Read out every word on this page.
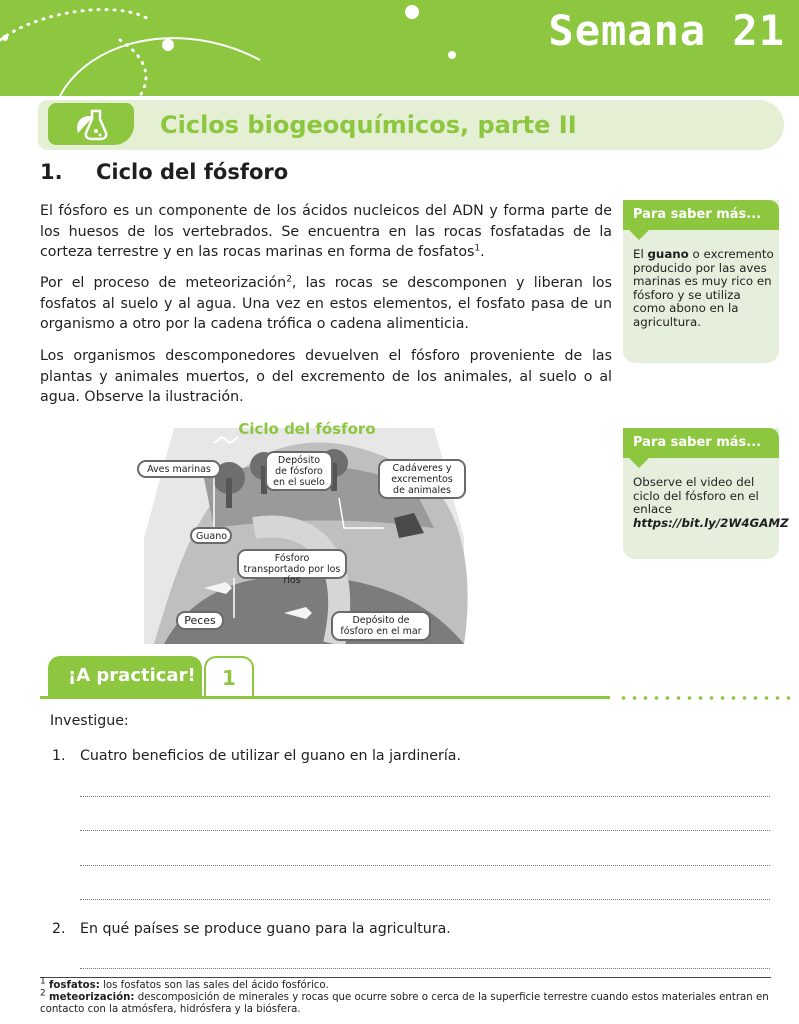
Semana 21
Ciclos biogeoquímicos, parte II
1. Ciclo del fósforo

El fósforo es un componente de los ácidos nucleicos del ADN y forma parte de los huesos de los vertebrados. Se encuentra en las rocas fosfatadas de la corteza terrestre y en las rocas marinas en forma de fosfatos$^1$.

Por el proceso de meteorización$^2$, las rocas se descomponen y liberan los fosfatos al suelo y al agua. Una vez en estos elementos, el fosfato pasa de un organismo a otro por la cadena trófica o cadena alimenticia.

Los organismos descomponedores devuelven el fósforo proveniente de las plantas y animales muertos, o del excremento de los animales, al suelo o al agua. Observe la ilustración.

Para saber más...
El guano o excremento producido por las aves marinas es muy rico en fósforo y se utiliza como abono en la agricultura.
Para saber más...
Observe el video del ciclo del fósforo en el enlace
https://bit.ly/2W4GAMZ
Ciclo del fósforo
Aves marinas
Depósito de fósforo en el suelo
Cadáveres y excrementos de animales
Guano
Fósforo transportado por los ríos
Peces	Depósito de fósforo en el mar
¡A practicar!	1
Investigue:
1. Cuatro beneficios de utilizar el guano en la jardinería.
2. En qué países se produce guano para la agricultura.
$^1$ fosfatos: los fosfatos son las sales del ácido fosfórico.
$^2$ meteorización: descomposición de minerales y rocas que ocurre sobre o cerca de la superficie terrestre cuando estos materiales entran en contacto con la atmósfera, hidrósfera y la biósfera.
